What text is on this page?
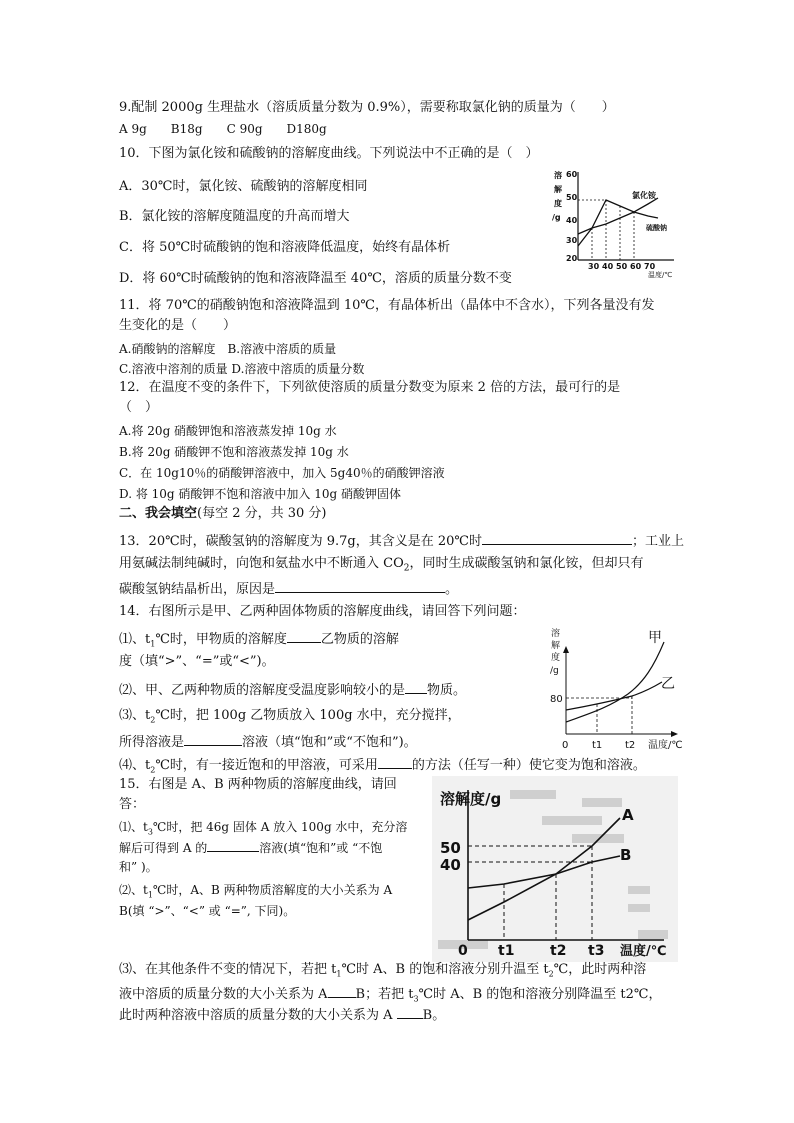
9.配制 2000g 生理盐水（溶质质量分数为 0.9%），需要称取氯化钠的质量为（　　）
A 9g　　B18g　　C 90g　　D180g
10．下图为氯化铵和硫酸钠的溶解度曲线。下列说法中不正确的是（　）
A．30℃时，氯化铵、硫酸钠的溶解度相同
B．氯化铵的溶解度随温度的升高而增大
C．将 50℃时硫酸钠的饱和溶液降低温度，始终有晶体析
D．将 60℃时硫酸钠的饱和溶液降温至 40℃，溶质的质量分数不变
溶
解
度
/g
60
50
40
30
20
30 40 50 60 70
温度/℃
氯化铵
硫酸钠
11．将 70℃的硝酸钠饱和溶液降温到 10℃，有晶体析出（晶体中不含水），下列各量没有发
生变化的是（　　）
A.硝酸钠的溶解度　B.溶液中溶质的质量
C.溶液中溶剂的质量 D.溶液中溶质的质量分数
12．在温度不变的条件下，下列欲使溶质的质量分数变为原来 2 倍的方法，最可行的是
（　）
A.将 20g 硝酸钾饱和溶液蒸发掉 10g 水
B.将 20g 硝酸钾不饱和溶液蒸发掉 10g 水
C．在 10g10％的硝酸钾溶液中，加入 5g40％的硝酸钾溶液
D. 将 10g 硝酸钾不饱和溶液中加入 10g 硝酸钾固体
二、我会填空(每空 2 分，共 30 分)
13．20℃时，碳酸氢钠的溶解度为 9.7g，其含义是在 20℃时	；工业上
用氨碱法制纯碱时，向饱和氨盐水中不断通入 $CO_2$，同时生成碳酸氢钠和氯化铵，但却只有
碳酸氢钠结晶析出，原因是	。
14．右图所示是甲、乙两种固体物质的溶解度曲线，请回答下列问题：
⑴、$t_1℃$时，甲物质的溶解度	乙物质的溶解
度（填“>”、“=”或“<”)。
⑵、甲、乙两种物质的溶解度受温度影响较小的是 物质。
⑶、$t_2℃$时，把 100g 乙物质放入 100g 水中，充分搅拌，
所得溶液是	溶液（填“饱和”或“不饱和”)。
⑷、$t_2℃$时，有一接近饱和的甲溶液，可采用	的方法（任写一种）使它变为饱和溶液。
溶
解
度
/g
80
0 t1 t2 温度/℃
甲
乙
15．右图是 A、B 两种物质的溶解度曲线，请回
答：
⑴、$t_3℃$时，把 46g 固体 A 放入 100g 水中，充分溶
解后可得到 A 的	溶液(填“饱和”或 “不饱
和” )。
⑵、$t_1℃$时，A、B 两种物质溶解度的大小关系为 A
B(填 “>”、“<” 或 “=”, 下同)。
溶解度/g
50
40
0 t1	t2 t3 温度/℃
A
B
⑶、在其他条件不变的情况下，若把 $t_1℃$时 A、B 的饱和溶液分别升温至 $t_2℃$，此时两种溶
液中溶质的质量分数的大小关系为 A B；若把 $t_3℃$时 A、B 的饱和溶液分别降温至 t2℃，
此时两种溶液中溶质的质量分数的大小关系为 A B。
